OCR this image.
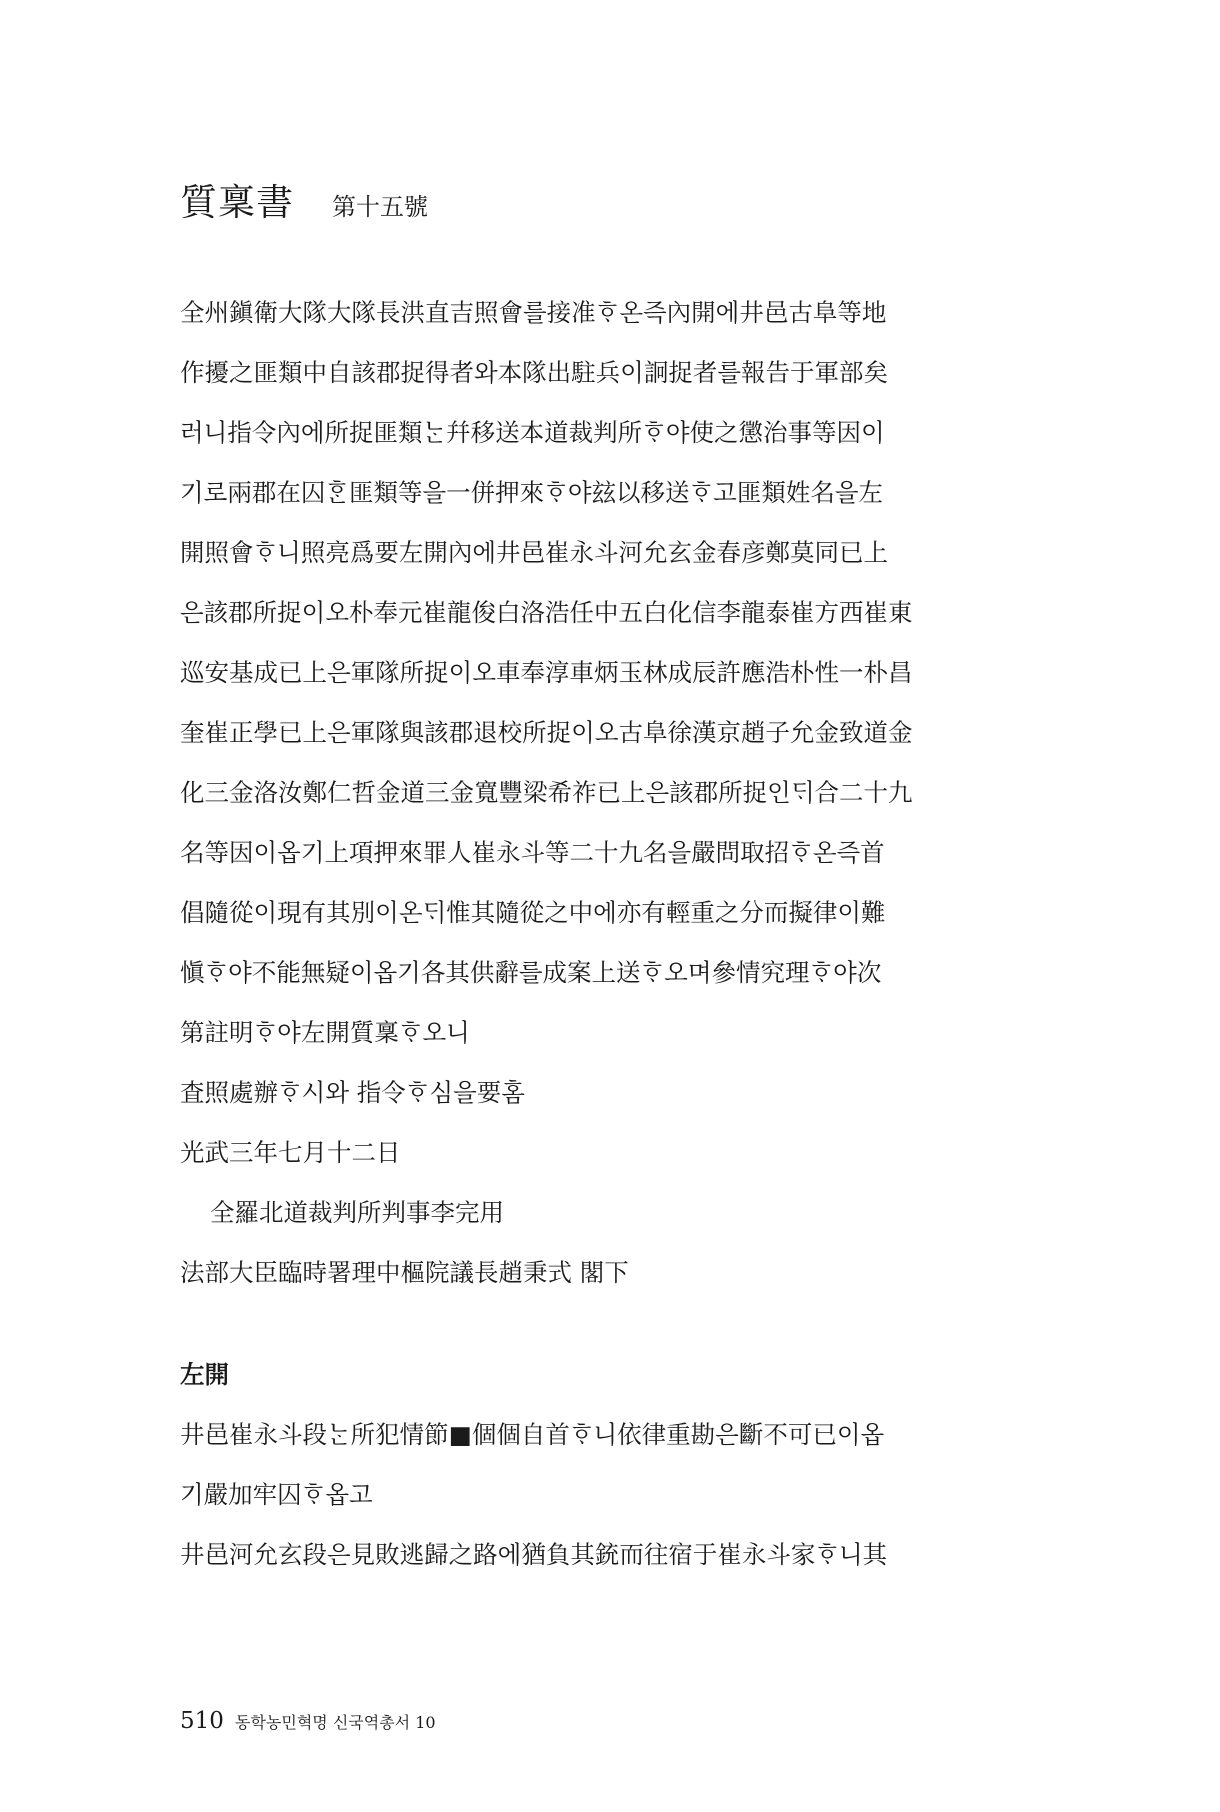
質稟書 第十五號
全州鎭衛大隊大隊長洪直吉照會를接准ᄒᆞ온즉內開에井邑古阜等地
作擾之匪類中自該郡捉得者와本隊出駐兵이詗捉者를報告于軍部矣
러니指令內에所捉匪類ᄂᆞᆫ幷移送本道裁判所ᄒᆞ야使之懲治事等因이
기로兩郡在囚ᄒᆞᆫ匪類等을一併押來ᄒᆞ야玆以移送ᄒᆞ고匪類姓名을左
開照會ᄒᆞ니照亮爲要左開內에井邑崔永斗河允玄金春彦鄭莫同已上
은該郡所捉이오朴奉元崔龍俊白洛浩任中五白化信李龍泰崔方西崔東
巡安基成已上은軍隊所捉이오車奉淳車炳玉林成辰許應浩朴性一朴昌
奎崔正學已上은軍隊與該郡退校所捉이오古阜徐漢京趙子允金致道金
化三金洛汝鄭仁哲金道三金寬豐梁希祚已上은該郡所捉인ᄃᆡ合二十九
名等因이옵기上項押來罪人崔永斗等二十九名을嚴問取招ᄒᆞ온즉首
倡隨從이現有其別이온ᄃᆡ惟其隨從之中에亦有輕重之分而擬律이難
愼ᄒᆞ야不能無疑이옵기各其供辭를成案上送ᄒᆞ오며參情究理ᄒᆞ야次
第註明ᄒᆞ야左開質稟ᄒᆞ오니
査照處辦ᄒᆞ시와 指令ᄒᆞ심을要홈
光武三年七月十二日
全羅北道裁判所判事李完用
法部大臣臨時署理中樞院議長趙秉式 閣下
左開
井邑崔永斗段ᄂᆞᆫ所犯情節■個個自首ᄒᆞ니依律重勘은斷不可已이옵
기嚴加牢囚ᄒᆞ옵고
井邑河允玄段은見敗逃歸之路에猶負其銃而往宿于崔永斗家ᄒᆞ니其
510 동학농민혁명 신국역총서 10
